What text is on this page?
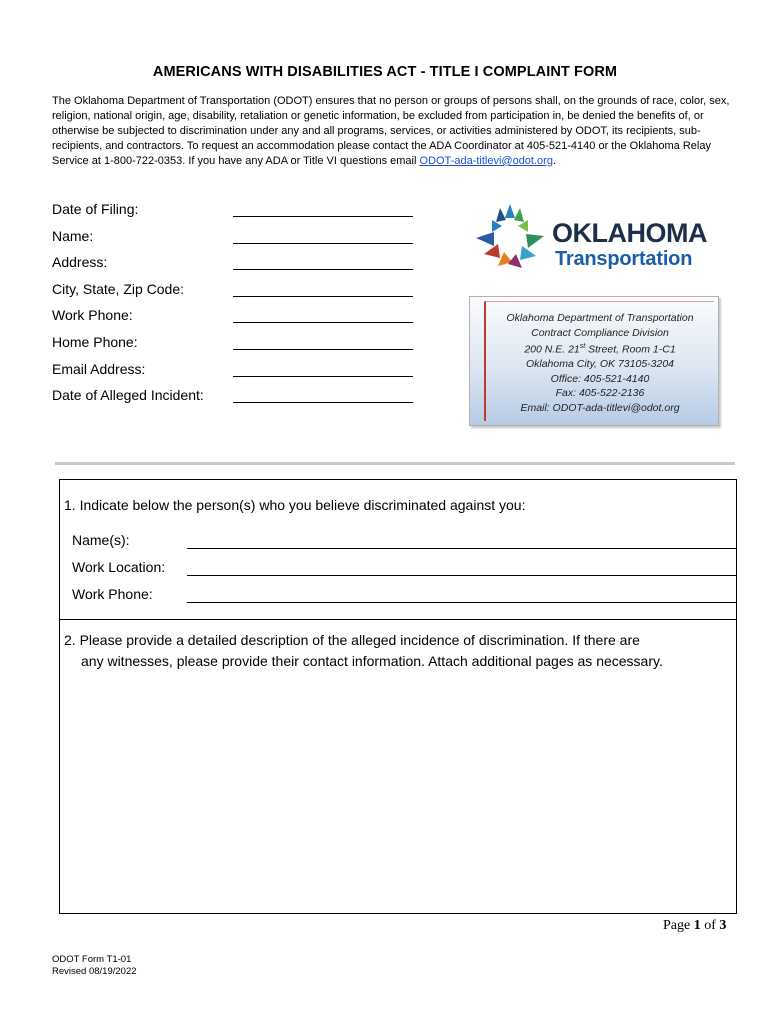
AMERICANS WITH DISABILITIES ACT - TITLE I COMPLAINT FORM
The Oklahoma Department of Transportation (ODOT) ensures that no person or groups of persons shall, on the grounds of race, color, sex, religion, national origin, age, disability, retaliation or genetic information, be excluded from participation in, be denied the benefits of, or otherwise be subjected to discrimination under any and all programs, services, or activities administered by ODOT, its recipients, sub-recipients, and contractors. To request an accommodation please contact the ADA Coordinator at 405-521-4140 or the Oklahoma Relay Service at 1-800-722-0353. If you have any ADA or Title VI questions email ODOT-ada-titlevi@odot.org.
Date of Filing:
Name:
Address:
City, State, Zip Code:
Work Phone:
Home Phone:
Email Address:
Date of Alleged Incident:
OKLAHOMA
Transportation
Oklahoma Department of Transportation
Contract Compliance Division
200 N.E. 21st Street, Room 1-C1
Oklahoma City, OK 73105-3204
Office: 405-521-4140
Fax: 405-522-2136
Email: ODOT-ada-titlevi@odot.org
1. Indicate below the person(s) who you believe discriminated against you:
Name(s):
Work Location:
Work Phone:
2. Please provide a detailed description of the alleged incidence of discrimination. If there are
any witnesses, please provide their contact information. Attach additional pages as necessary.
Page 1 of 3
ODOT Form T1-01
Revised 08/19/2022
